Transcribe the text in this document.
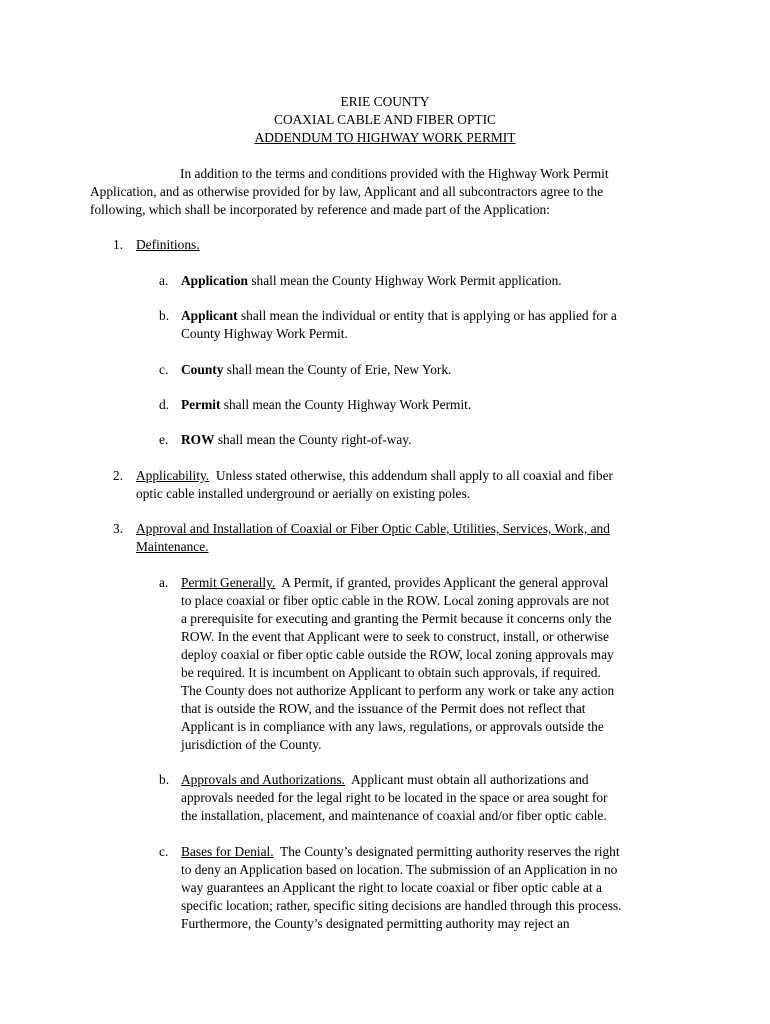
ERIE COUNTY
COAXIAL CABLE AND FIBER OPTIC
ADDENDUM TO HIGHWAY WORK PERMIT
In addition to the terms and conditions provided with the Highway Work Permit
Application, and as otherwise provided for by law, Applicant and all subcontractors agree to the
following, which shall be incorporated by reference and made part of the Application:
1. Definitions.
a. Application shall mean the County Highway Work Permit application.
b. Applicant shall mean the individual or entity that is applying or has applied for a
County Highway Work Permit.
c. County shall mean the County of Erie, New York.
d. Permit shall mean the County Highway Work Permit.
e. ROW shall mean the County right-of-way.
2. Applicability.  Unless stated otherwise, this addendum shall apply to all coaxial and fiber
optic cable installed underground or aerially on existing poles.
3. Approval and Installation of Coaxial or Fiber Optic Cable, Utilities, Services, Work, and
Maintenance.
a. Permit Generally.  A Permit, if granted, provides Applicant the general approval
to place coaxial or fiber optic cable in the ROW. Local zoning approvals are not
a prerequisite for executing and granting the Permit because it concerns only the
ROW. In the event that Applicant were to seek to construct, install, or otherwise
deploy coaxial or fiber optic cable outside the ROW, local zoning approvals may
be required. It is incumbent on Applicant to obtain such approvals, if required.
The County does not authorize Applicant to perform any work or take any action
that is outside the ROW, and the issuance of the Permit does not reflect that
Applicant is in compliance with any laws, regulations, or approvals outside the
jurisdiction of the County.
b. Approvals and Authorizations.  Applicant must obtain all authorizations and
approvals needed for the legal right to be located in the space or area sought for
the installation, placement, and maintenance of coaxial and/or fiber optic cable.
c. Bases for Denial.  The County’s designated permitting authority reserves the right
to deny an Application based on location. The submission of an Application in no
way guarantees an Applicant the right to locate coaxial or fiber optic cable at a
specific location; rather, specific siting decisions are handled through this process.
Furthermore, the County’s designated permitting authority may reject an
